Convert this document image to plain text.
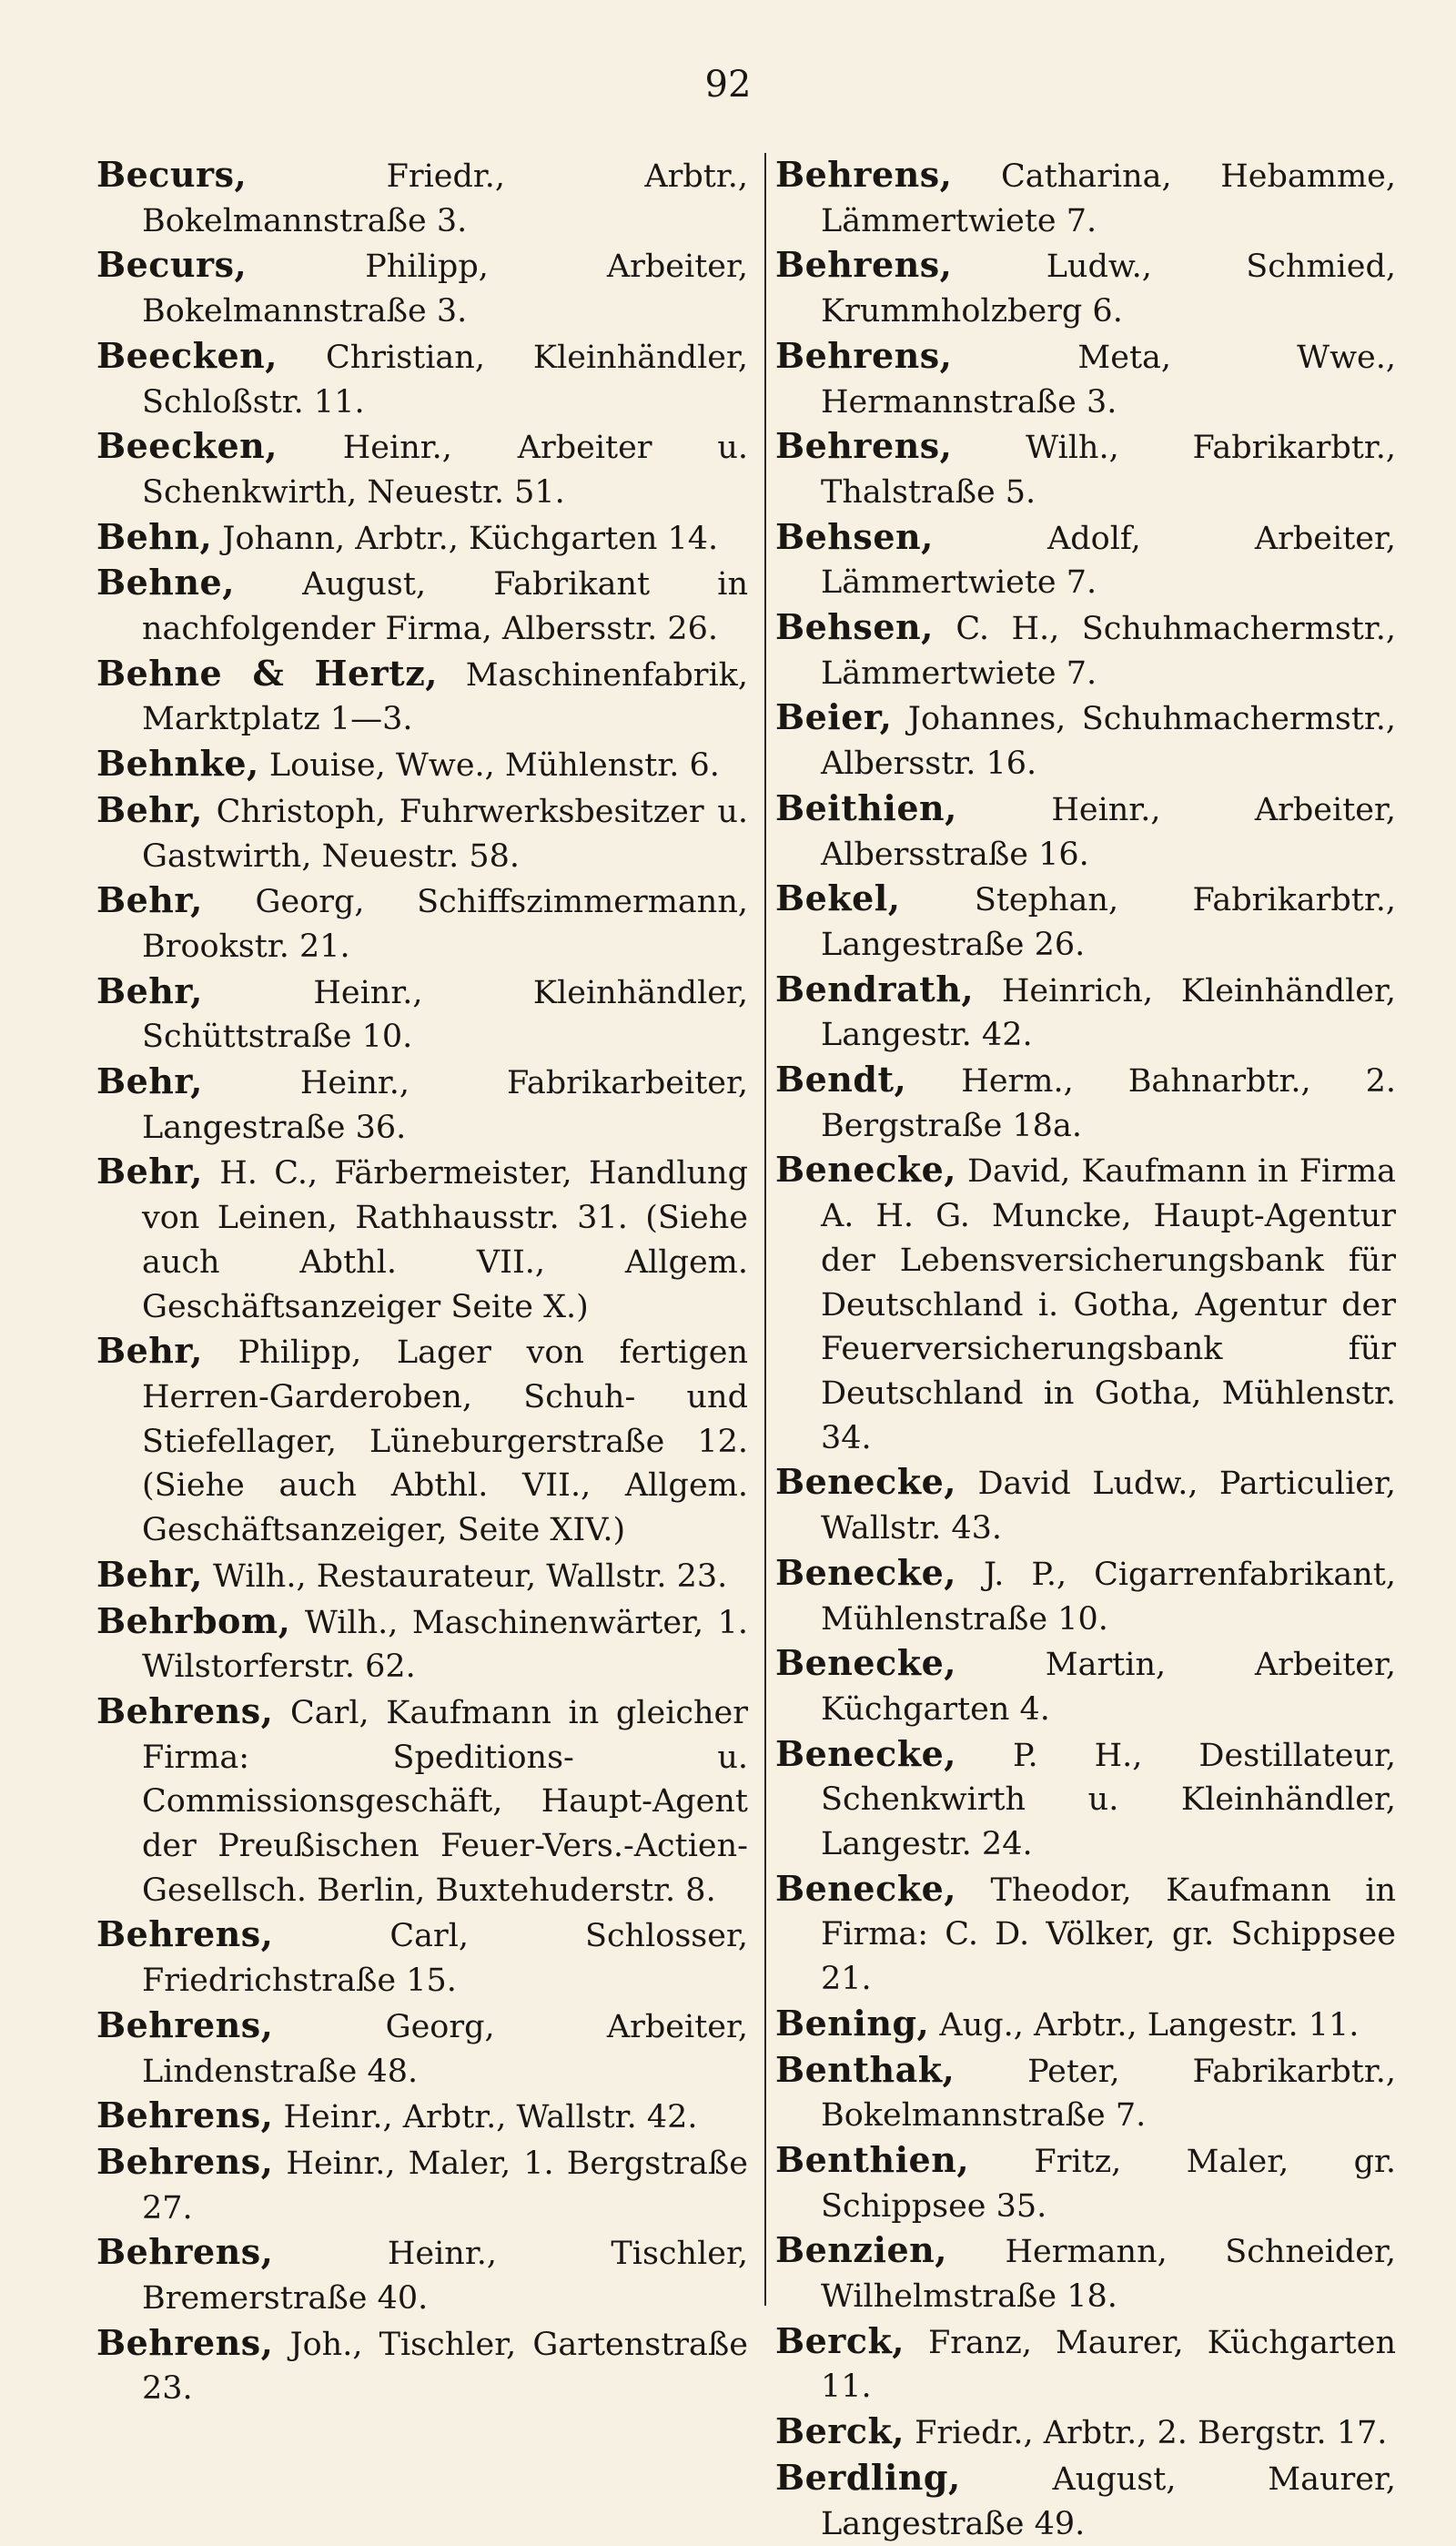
92
Becurs, Friedr., Arbtr., Bokelmannstraße 3.
Becurs, Philipp, Arbeiter, Bokelmannstraße 3.
Beecken, Christian, Kleinhändler, Schloßstr. 11.
Beecken, Heinr., Arbeiter u. Schenkwirth, Neuestr. 51.
Behn, Johann, Arbtr., Küchgarten 14.
Behne, August, Fabrikant in nachfolgender Firma, Albersstr. 26.
Behne & Hertz, Maschinenfabrik, Marktplatz 1—3.
Behnke, Louise, Wwe., Mühlenstr. 6.
Behr, Christoph, Fuhrwerksbesitzer u. Gastwirth, Neuestr. 58.
Behr, Georg, Schiffszimmermann, Brookstr. 21.
Behr, Heinr., Kleinhändler, Schüttstraße 10.
Behr, Heinr., Fabrikarbeiter, Langestraße 36.
Behr, H. C., Färbermeister, Handlung von Leinen, Rathhausstr. 31. (Siehe auch Abthl. VII., Allgem. Geschäftsanzeiger Seite X.)
Behr, Philipp, Lager von fertigen Herren-Garderoben, Schuh- und Stiefellager, Lüneburgerstraße 12. (Siehe auch Abthl. VII., Allgem. Geschäftsanzeiger, Seite XIV.)
Behr, Wilh., Restaurateur, Wallstr. 23.
Behrbom, Wilh., Maschinenwärter, 1. Wilstorferstr. 62.
Behrens, Carl, Kaufmann in gleicher Firma: Speditions- u. Commissionsgeschäft, Haupt-Agent der Preußischen Feuer-Vers.-Actien-Gesellsch. Berlin, Buxtehuderstr. 8.
Behrens, Carl, Schlosser, Friedrichstraße 15.
Behrens, Georg, Arbeiter, Lindenstraße 48.
Behrens, Heinr., Arbtr., Wallstr. 42.
Behrens, Heinr., Maler, 1. Bergstraße 27.
Behrens, Heinr., Tischler, Bremerstraße 40.
Behrens, Joh., Tischler, Gartenstraße 23.
Behrens, Catharina, Hebamme, Lämmertwiete 7.
Behrens, Ludw., Schmied, Krummholzberg 6.
Behrens, Meta, Wwe., Hermannstraße 3.
Behrens, Wilh., Fabrikarbtr., Thalstraße 5.
Behsen, Adolf, Arbeiter, Lämmertwiete 7.
Behsen, C. H., Schuhmachermstr., Lämmertwiete 7.
Beier, Johannes, Schuhmachermstr., Albersstr. 16.
Beithien, Heinr., Arbeiter, Albersstraße 16.
Bekel, Stephan, Fabrikarbtr., Langestraße 26.
Bendrath, Heinrich, Kleinhändler, Langestr. 42.
Bendt, Herm., Bahnarbtr., 2. Bergstraße 18a.
Benecke, David, Kaufmann in Firma A. H. G. Muncke, Haupt-Agentur der Lebensversicherungsbank für Deutschland i. Gotha, Agentur der Feuerversicherungsbank für Deutschland in Gotha, Mühlenstr. 34.
Benecke, David Ludw., Particulier, Wallstr. 43.
Benecke, J. P., Cigarrenfabrikant, Mühlenstraße 10.
Benecke, Martin, Arbeiter, Küchgarten 4.
Benecke, P. H., Destillateur, Schenkwirth u. Kleinhändler, Langestr. 24.
Benecke, Theodor, Kaufmann in Firma: C. D. Völker, gr. Schippsee 21.
Bening, Aug., Arbtr., Langestr. 11.
Benthak, Peter, Fabrikarbtr., Bokelmannstraße 7.
Benthien, Fritz, Maler, gr. Schippsee 35.
Benzien, Hermann, Schneider, Wilhelmstraße 18.
Berck, Franz, Maurer, Küchgarten 11.
Berck, Friedr., Arbtr., 2. Bergstr. 17.
Berdling, August, Maurer, Langestraße 49.
